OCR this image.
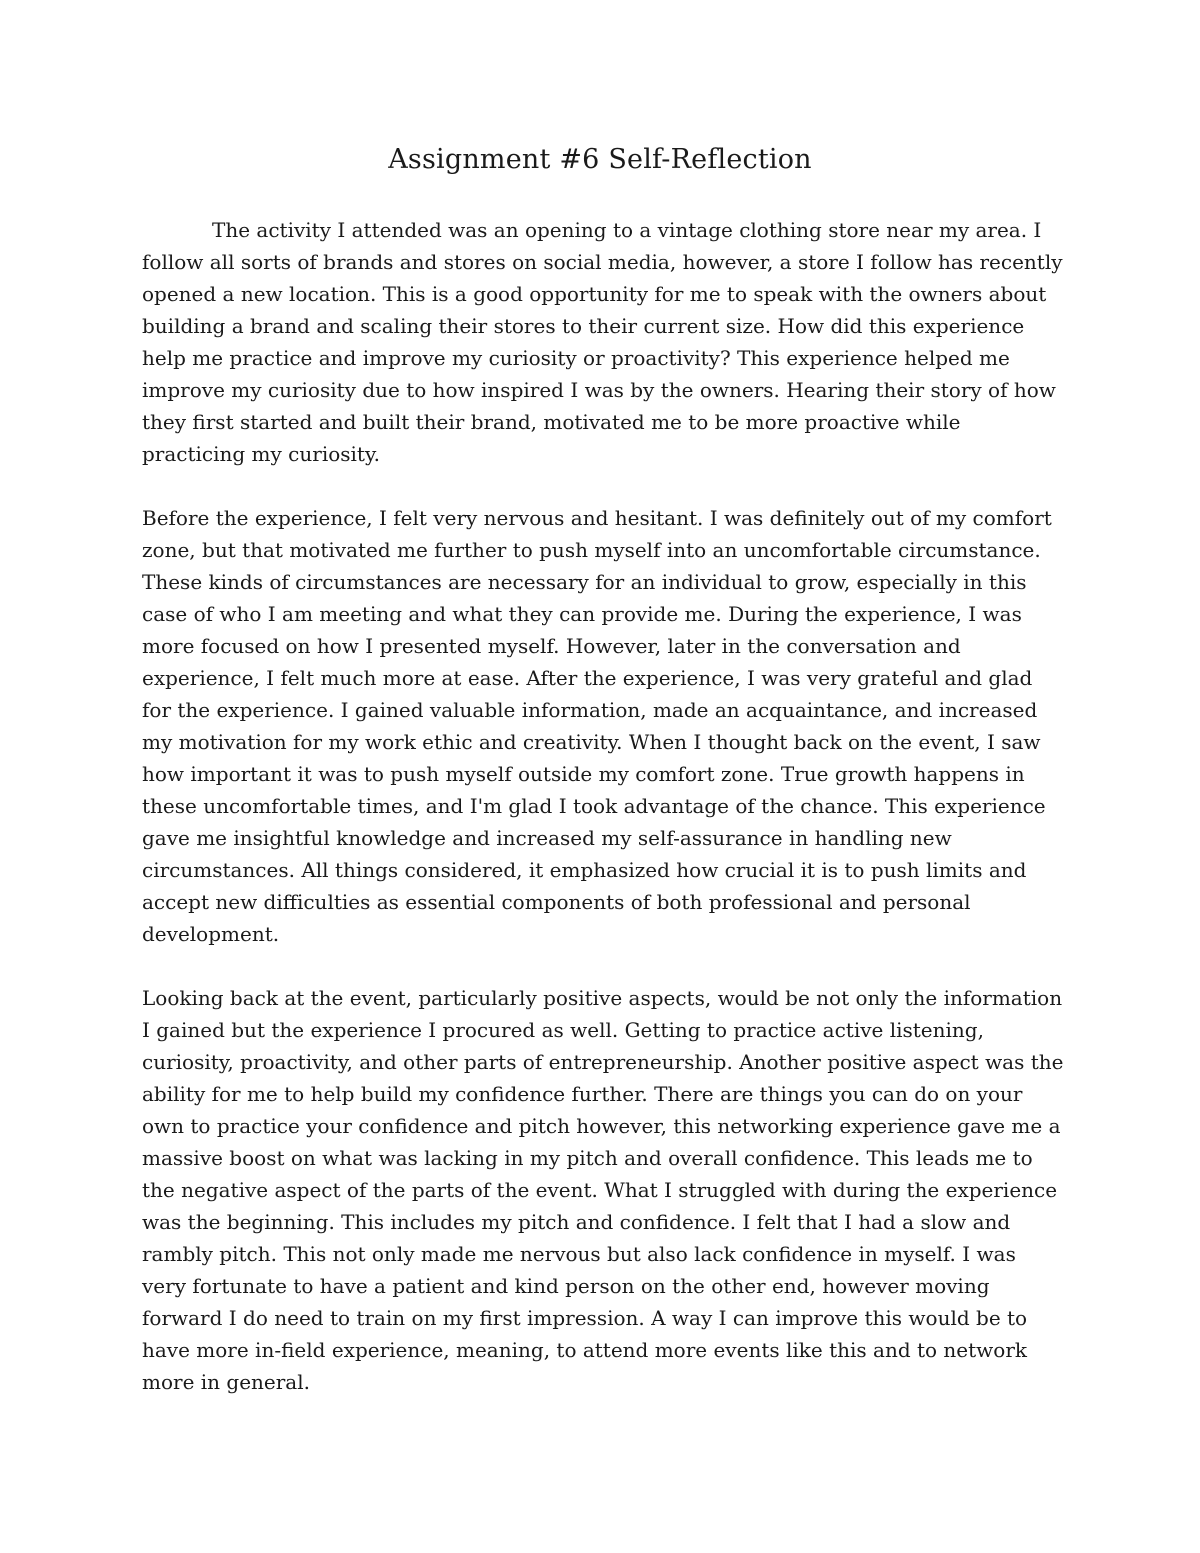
Assignment #6 Self-Reflection

The activity I attended was an opening to a vintage clothing store near my area. I follow all sorts of brands and stores on social media, however, a store I follow has recently opened a new location. This is a good opportunity for me to speak with the owners about building a brand and scaling their stores to their current size. How did this experience help me practice and improve my curiosity or proactivity? This experience helped me improve my curiosity due to how inspired I was by the owners. Hearing their story of how they first started and built their brand, motivated me to be more proactive while practicing my curiosity.

Before the experience, I felt very nervous and hesitant. I was definitely out of my comfort zone, but that motivated me further to push myself into an uncomfortable circumstance. These kinds of circumstances are necessary for an individual to grow, especially in this case of who I am meeting and what they can provide me. During the experience, I was more focused on how I presented myself. However, later in the conversation and experience, I felt much more at ease. After the experience, I was very grateful and glad for the experience. I gained valuable information, made an acquaintance, and increased my motivation for my work ethic and creativity. When I thought back on the event, I saw how important it was to push myself outside my comfort zone. True growth happens in these uncomfortable times, and I'm glad I took advantage of the chance. This experience gave me insightful knowledge and increased my self-assurance in handling new circumstances. All things considered, it emphasized how crucial it is to push limits and accept new difficulties as essential components of both professional and personal development.

Looking back at the event, particularly positive aspects, would be not only the information I gained but the experience I procured as well. Getting to practice active listening, curiosity, proactivity, and other parts of entrepreneurship. Another positive aspect was the ability for me to help build my confidence further. There are things you can do on your own to practice your confidence and pitch however, this networking experience gave me a massive boost on what was lacking in my pitch and overall confidence. This leads me to the negative aspect of the parts of the event. What I struggled with during the experience was the beginning. This includes my pitch and confidence. I felt that I had a slow and rambly pitch. This not only made me nervous but also lack confidence in myself. I was very fortunate to have a patient and kind person on the other end, however moving forward I do need to train on my first impression. A way I can improve this would be to have more in-field experience, meaning, to attend more events like this and to network more in general.
